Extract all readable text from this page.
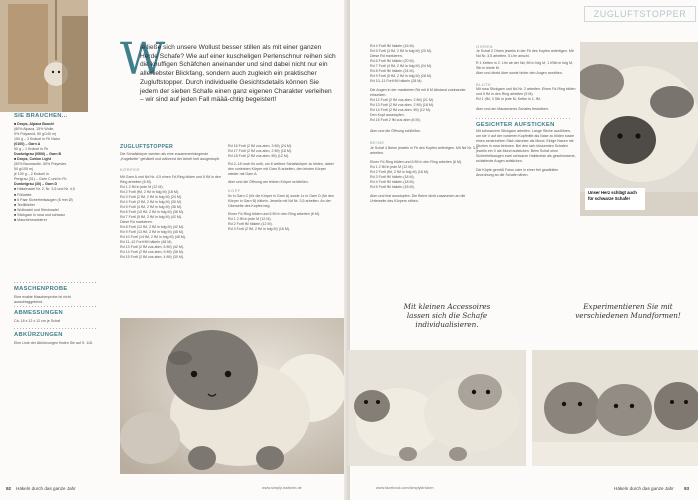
SIE BRAUCHEN...

■ Drops, Alpaca Bouclé
(80% Alpaca, 15% Wolle,
5% Polyamid, 50 g/140 m)
150 g – 3 Knäuel in Fb Natur
(0100) – Garn A
50 g – 1 Knäuel in Fb
Dunkelgrau (0506) – Garn B
■ Drops, Cotton Light
(50% Baumwolle, 50% Polyester,
50 g/105 m)
je 100 g – 2 Knäuel in
Perlgrau (31) – Garn C und in Fb
Dunkelgrau (30) – Garn D
■ Häkelnadel Nr. 2, Nr. 3,5 und Nr. 4,5
■ Füllwatte
■ 6 Paar Sicherheitsaugen (6 mm Ø)
■ Textilkleber
■ Wollnadel und Stecknadel
■ Stickgarn in rosa und schwarz
■ Maschenmarkierer

MASCHENPROBE

Eine exakte Maschenprobe ist nicht ausschlaggebend.

ABMESSUNGEN

Ca. 18 x 12 x 12 cm je Schaf

ABKÜRZUNGEN

Eine Liste der Abkürzungen finden Sie auf S. 115.

W

ie ließe sich unsere Wollust besser stillen als mit einer ganzen Herde Schafe? Wie auf einer kuscheligen Perlenschnur reihen sich die knuffigen Schäfchen aneinander und sind dabei nicht nur ein allerliebster Blickfang, sondern auch zugleich ein praktischer Zugluftstopper. Durch individuelle Gesichtsdetails können Sie jedem der sieben Schafe einen ganz eigenen Charakter verleihen – wir sind auf jeden Fall määä-chtig begeistert!

ZUGLUFTSTOPPER

Die Schafskörper werden als eine zusammenhängende „Kugelkette" gehäkelt und während der Arbeit fortl ausgestopft.

KÖRPER

Mit Garn A und Nd Nr. 4,5 einen Fd-Ring bilden und 6 fM in den Ring arbeiten (6 M).
Rd 1 2 fM in jede M (12 M).
Rd 2 Fortl (fM, 2 fM in folg M) (18 M).
Rd 3 Fortl (2 fM, 2 fM in folg M) (24 M).
Rd 4 Fortl (3 fM, 2 fM in folg M) (30 M).
Rd 5 Fortl (4 fM, 2 fM in folg M) (36 M).
Rd 6 Fortl (10 fM, 2 fM in folg M) (36 M).
Rd 7 Fortl (5 fM, 2 fM in folg M) (42 M).
Diese Rd markieren.
Rd 8 Fortl (12 fM, 2 fM in folg M) (42 M).
Rd 9 Fortl (13 fM, 2 fM in folg M) (45 M).
Rd 10 Fortl (14 fM, 2 fM in folg M) (48 M).
Rd 11–12 Fortl fM häkeln (48 M).
Rd 13 Fortl (2 fM zus abm, 6 fM) (42 M).
Rd 14 Fortl (2 fM zus abm, 5 fM) (36 M).
Rd 15 Fortl (2 fM zus abm, 4 fM) (30 M).
Rd 16 Fortl (2 fM zus abm, 3 fM) (24 M).
Rd 17 Fortl (2 fM zus abm, 2 fM) (18 M).
Rd 18 Fortl (2 fM zus abm, fM) (12 M).
Rd 2–18 noch 6x wdh, um 6 weitere Schafskörper zu bilden, dabei den vorletzten Körper mit Garn B arbeiten, den letzten Körper wieder mit Garn A.
Abm und die Öffnung am letzten Körper schließen.
KOPF
5x in Garn C (für die Körper in Garn A) sowie 1x in Garn D (für den Körper in Garn B) häkeln. Jeweils mit Nd Nr. 3,5 arbeiten. An der Oberseite des Kopfes beg.
Einen Fd-Ring bilden und 6 fM in den Ring arbeiten (6 M).
Rd 1 2 fM in jede M (12 M).
Rd 2 Fortl fM häkeln (12 M).
Rd 3 Fortl (2 fM, 2 fM in folg M) (16 M).
92 Häkeln durch das ganze Jahr	www.simply-haekeln.de
Rd 4 Fortl fM häkeln (16 M).
Rd 5 Fortl (3 fM, 2 fM in folg M) (20 M).
Diese Rd markieren.
Rd 6 Fortl fM häkeln (20 M).
Rd 7 Fortl (4 fM, 2 fM in folg M) (24 M).
Rd 8 Fortl fM häkeln (24 M).
Rd 9 Fortl (5 fM, 2 fM in folg M) (28 M).
Rd 10–11 Fortl fM häkeln (28 M).
Die Augen in der markierten Rd mit 8 M Abstand zueinander einsetzen.
Rd 12 Fortl (2 fM zus abm, 2 fM) (21 M).
Rd 13 Fortl (2 fM zus abm, 2 fM) (18 M).
Rd 14 Fortl (2 fM zus abm, fM) (12 M).
Den Kopf ausstopfen.
Rd 15 Fortl 2 fM zus abm (6 M).
Abm und die Öffnung schließen.
BEINE
Je Schaf 4 Beine jeweils in Fb des Kopfes anfertigen. Mit Nd Nr. 3,5 arbeiten.
Einen Fd-Ring bilden und 6 fM in den Ring arbeiten (6 M).
Rd 1 2 fM in jede M (12 M).
Rd 2 Fortl (fM, 2 fM in folg M) (18 M).
Rd 3 Fortl fM häkeln (18 M).
Rd 4 Fortl fM häkeln (18 M).
Rd 5 Fortl fM häkeln (18 M).
Abm und fest ausstopfen. Die Beine dicht zusammen an die Unterseite des Körpers nähen.
OHREN
Je Schaf 2 Ohren jeweils in der Fb des Kopfes anfertigen. Mit Nd Nr. 3,5 arbeiten. 5 Lfm anschl.
R 1 Ketten in 2. Lfm ab der Nd, fM in folg M, 1 hStb in folg M, Stb in letzte M.
Abm und direkt über sowie hinter den Augen annähen.
BLÜTE
Mit rosa Stickgarn und Nd Nr. 2 arbeiten. Einen Fd-Ring bilden und 5 fM in den Ring arbeiten (5 M).
Rd 1 (fM, 3 Stb in jede M, Kettm in 1. fM.
Abm und am Mauseranes Schafes festnähen.
GESICHTER AUFSTICKEN
Mit schwarzem Stickgarn arbeiten. Lange Stiche ausführen, um sie V auf der vorderen Kopfmitte als Nase zu bilden sowie einen senkrechten Stich darunter als Mund. Einige Nasen mit Stichen in rosa betonen. Bei den sich küssenden Schafen jeweils ein X als Mund aufsticken. Beim Schaf ohne Sicherheitsaugen zwei schwarze Halbkreise als geschlossene, schlafende Augen aufsticken.
Die Köpfe gemäß Fotos oder in einer frei gewählten Anordnung an die Schafe nähen.
ZUGLUFTSTOPPER
Unser Herz schlägt auch für schwarze Schafe!
Mit kleinen Accessoires lassen sich die Schafe individualisieren.
Experimentieren Sie mit verschiedenen Mundformen!
www.facebook.com/simplystricken	Häkeln durch das ganze Jahr 93
